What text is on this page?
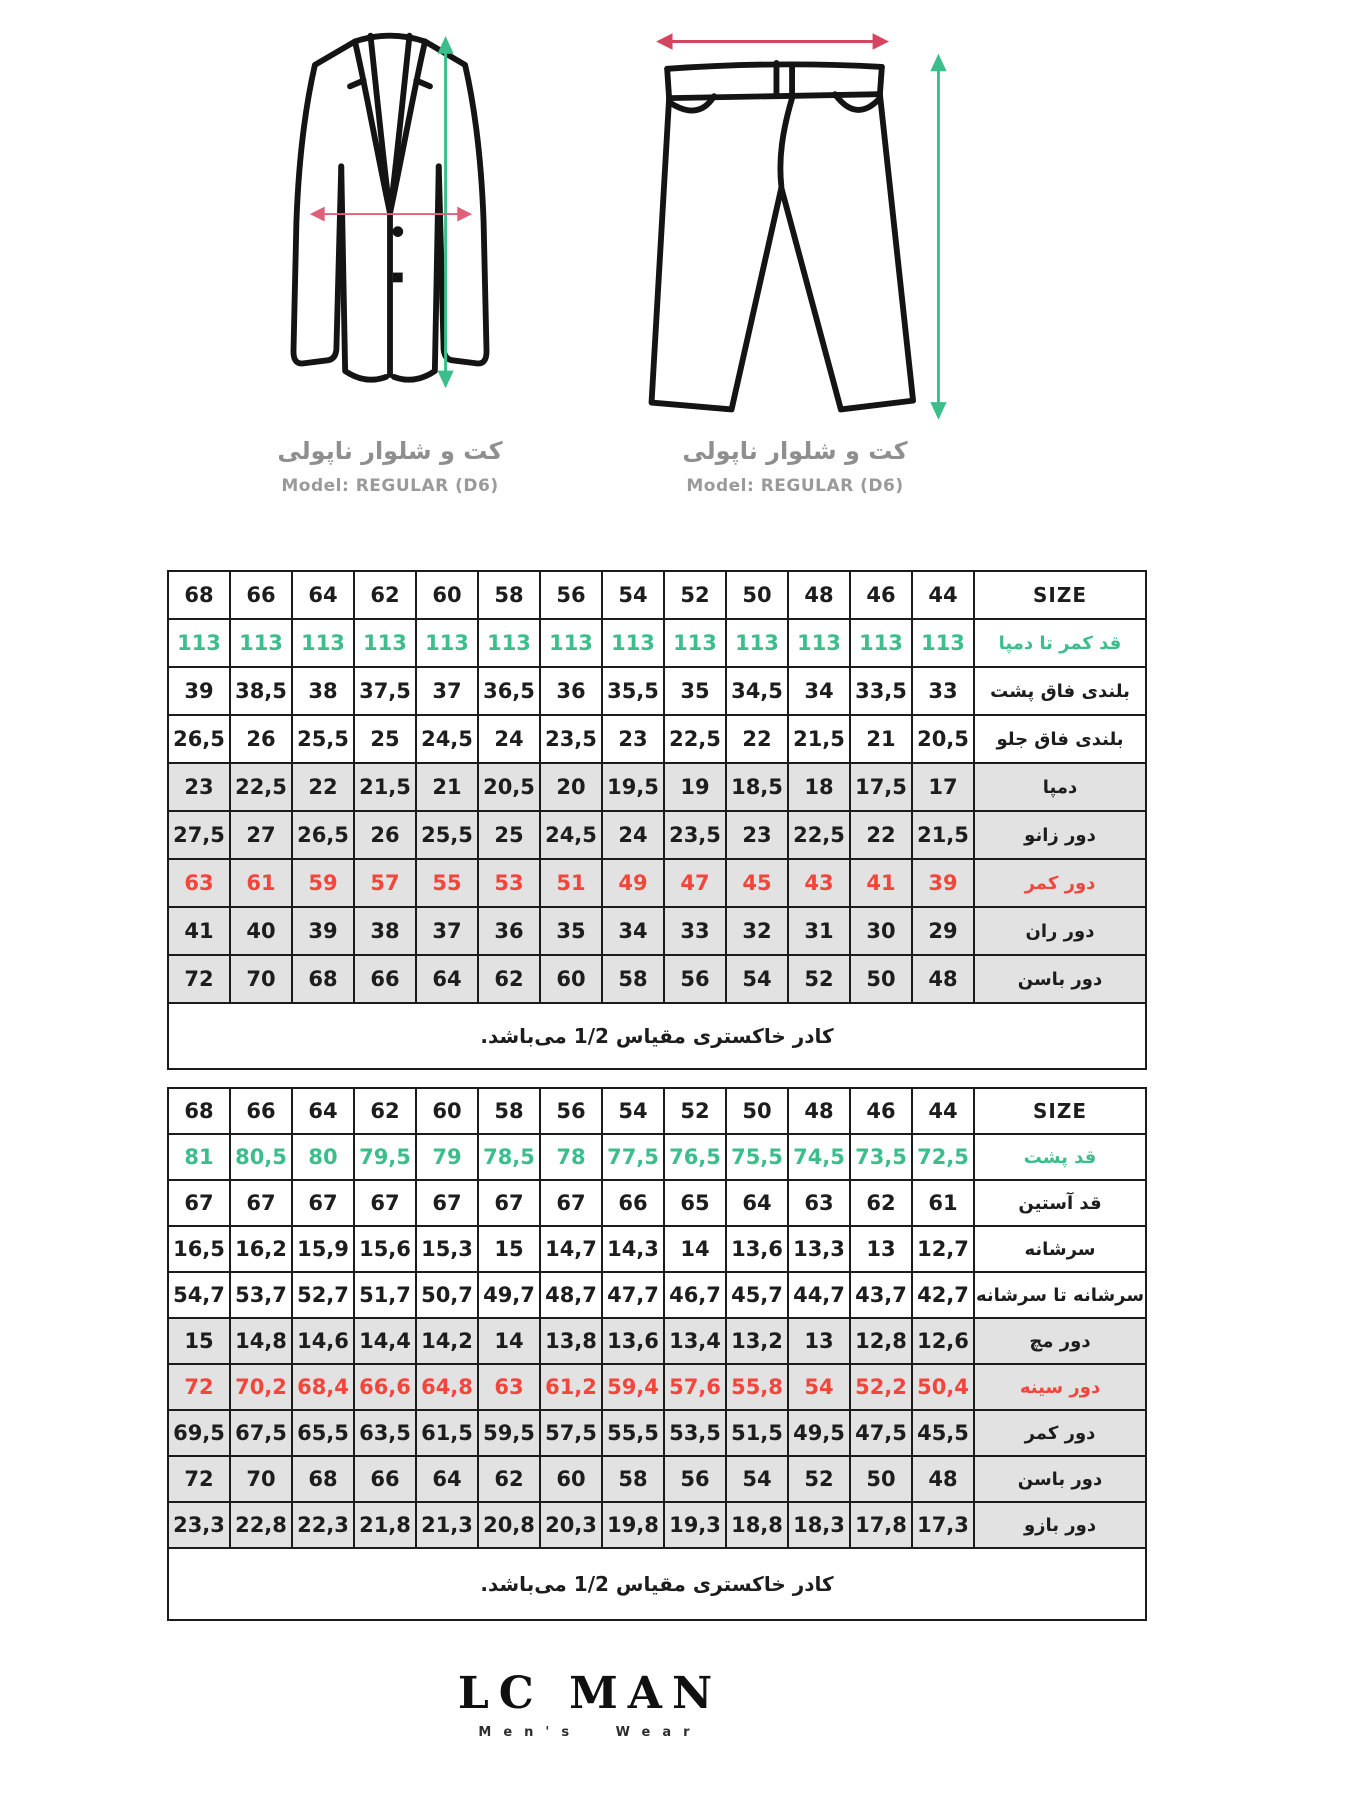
کت و شلوار ناپولی
Model: REGULAR (D6)
کت و شلوار ناپولی
Model: REGULAR (D6)
68	66	64	62	60	58	56	54	52	50	48	46	44	SIZE
113	113	113	113	113	113	113	113	113	113	113	113	113	قد کمر تا دمپا
39	38,5	38	37,5	37	36,5	36	35,5	35	34,5	34	33,5	33	بلندی فاق پشت
26,5	26	25,5	25	24,5	24	23,5	23	22,5	22	21,5	21	20,5	بلندی فاق جلو
23	22,5	22	21,5	21	20,5	20	19,5	19	18,5	18	17,5	17	دمپا
27,5	27	26,5	26	25,5	25	24,5	24	23,5	23	22,5	22	21,5	دور زانو
63	61	59	57	55	53	51	49	47	45	43	41	39	دور کمر
41	40	39	38	37	36	35	34	33	32	31	30	29	دور ران
72	70	68	66	64	62	60	58	56	54	52	50	48	دور باسن
کادر خاکستری مقیاس 1/2 می‌باشد.													
68	66	64	62	60	58	56	54	52	50	48	46	44	SIZE
81	80,5	80	79,5	79	78,5	78	77,5	76,5	75,5	74,5	73,5	72,5	قد پشت
67	67	67	67	67	67	67	66	65	64	63	62	61	قد آستین
16,5	16,2	15,9	15,6	15,3	15	14,7	14,3	14	13,6	13,3	13	12,7	سرشانه
54,7	53,7	52,7	51,7	50,7	49,7	48,7	47,7	46,7	45,7	44,7	43,7	42,7	سرشانه تا سرشانه
15	14,8	14,6	14,4	14,2	14	13,8	13,6	13,4	13,2	13	12,8	12,6	دور مچ
72	70,2	68,4	66,6	64,8	63	61,2	59,4	57,6	55,8	54	52,2	50,4	دور سینه
69,5	67,5	65,5	63,5	61,5	59,5	57,5	55,5	53,5	51,5	49,5	47,5	45,5	دور کمر
72	70	68	66	64	62	60	58	56	54	52	50	48	دور باسن
23,3	22,8	22,3	21,8	21,3	20,8	20,3	19,8	19,3	18,8	18,3	17,8	17,3	دور بازو
کادر خاکستری مقیاس 1/2 می‌باشد.													
LC MAN
Men's Wear
